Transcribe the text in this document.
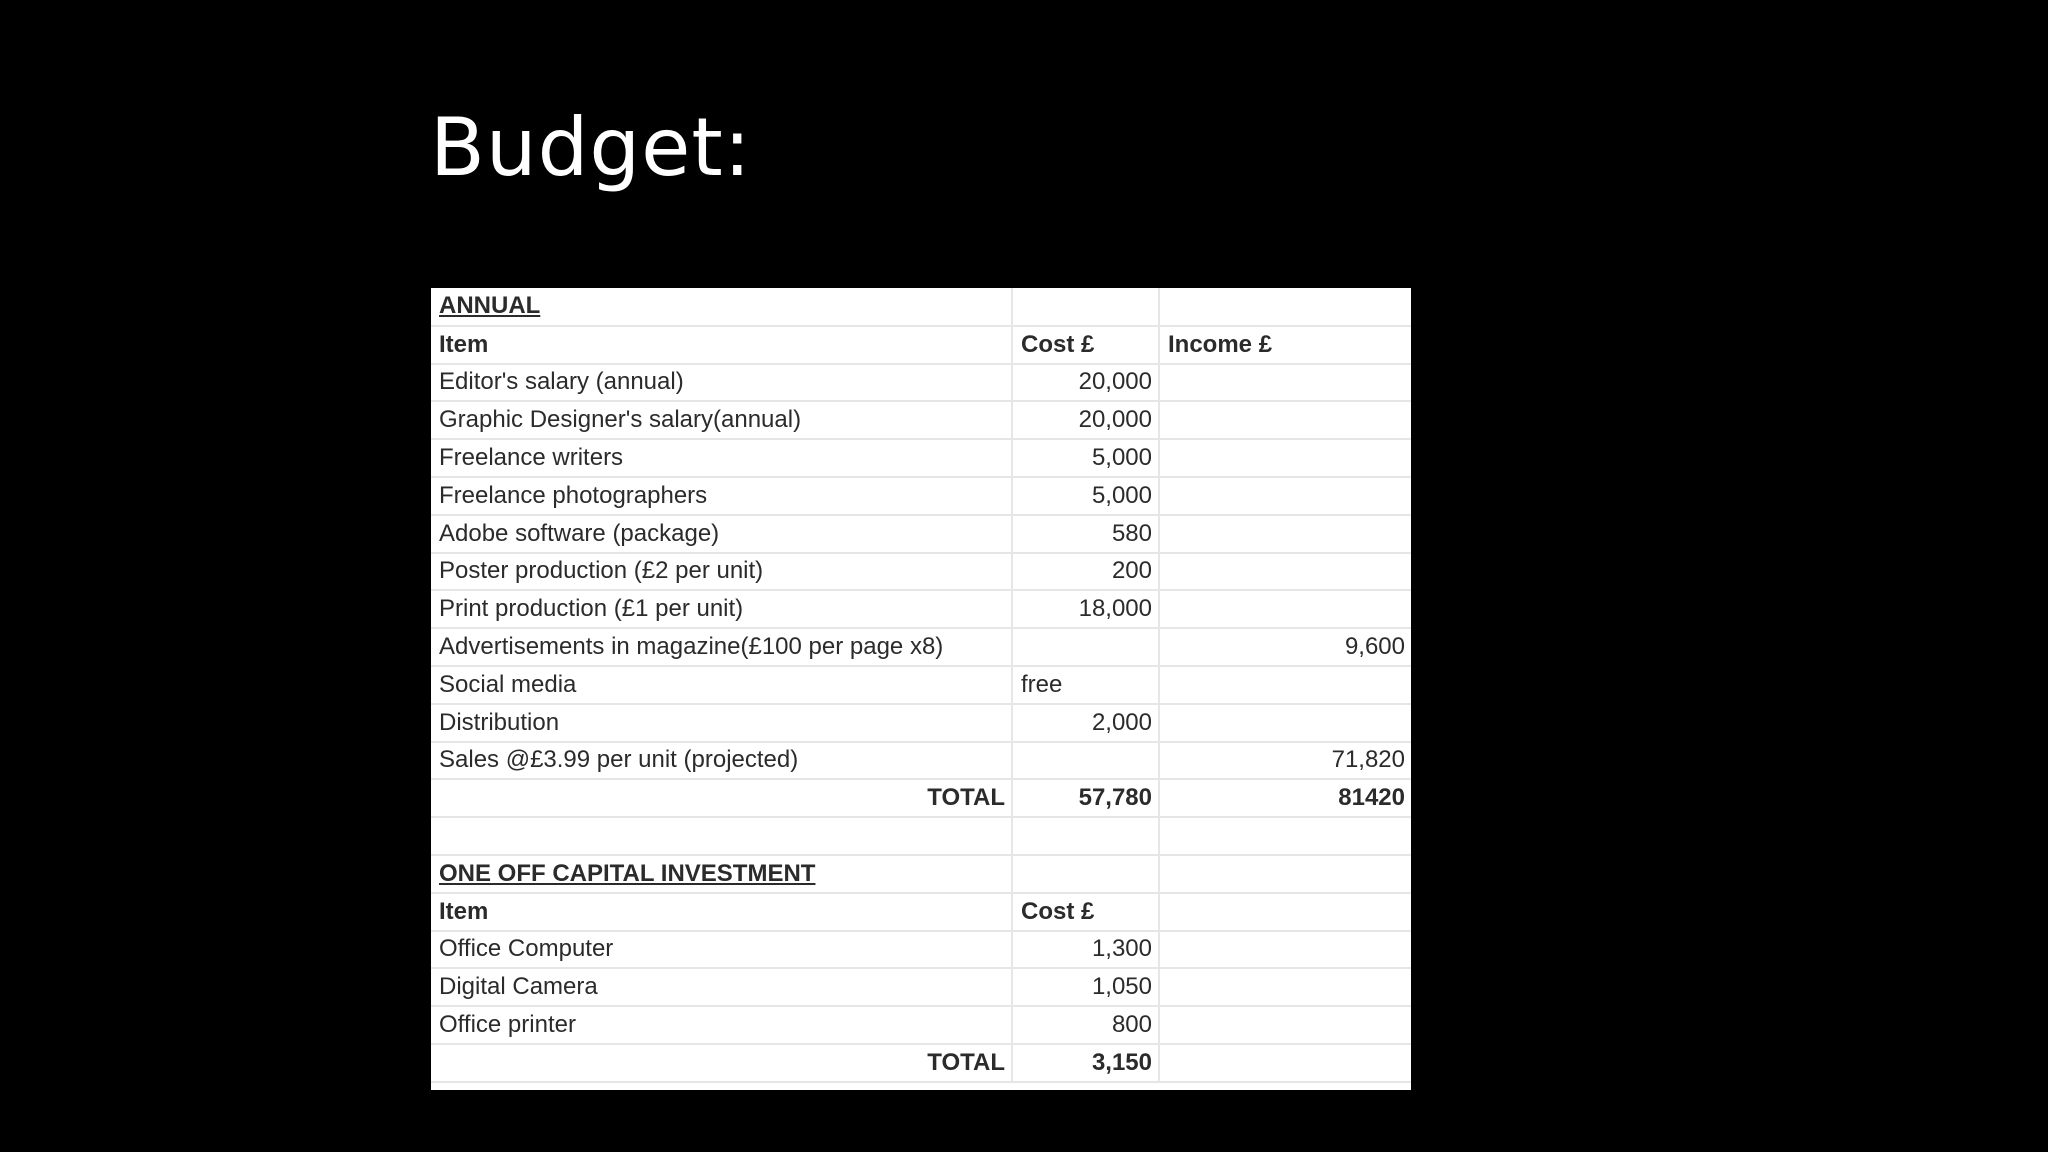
Budget:
ANNUAL		
Item	Cost £	Income £
Editor's salary (annual)	20,000	
Graphic Designer's salary(annual)	20,000	
Freelance writers	5,000	
Freelance photographers	5,000	
Adobe software (package)	580	
Poster production (£2 per unit)	200	
Print production (£1 per unit)	18,000	
Advertisements in magazine(£100 per page x8)		9,600
Social media	free	
Distribution	2,000	
Sales @£3.99 per unit (projected)		71,820
TOTAL	57,780	81420

ONE OFF CAPITAL INVESTMENT		
Item	Cost £	
Office Computer	1,300	
Digital Camera	1,050	
Office printer	800	
TOTAL	3,150	
